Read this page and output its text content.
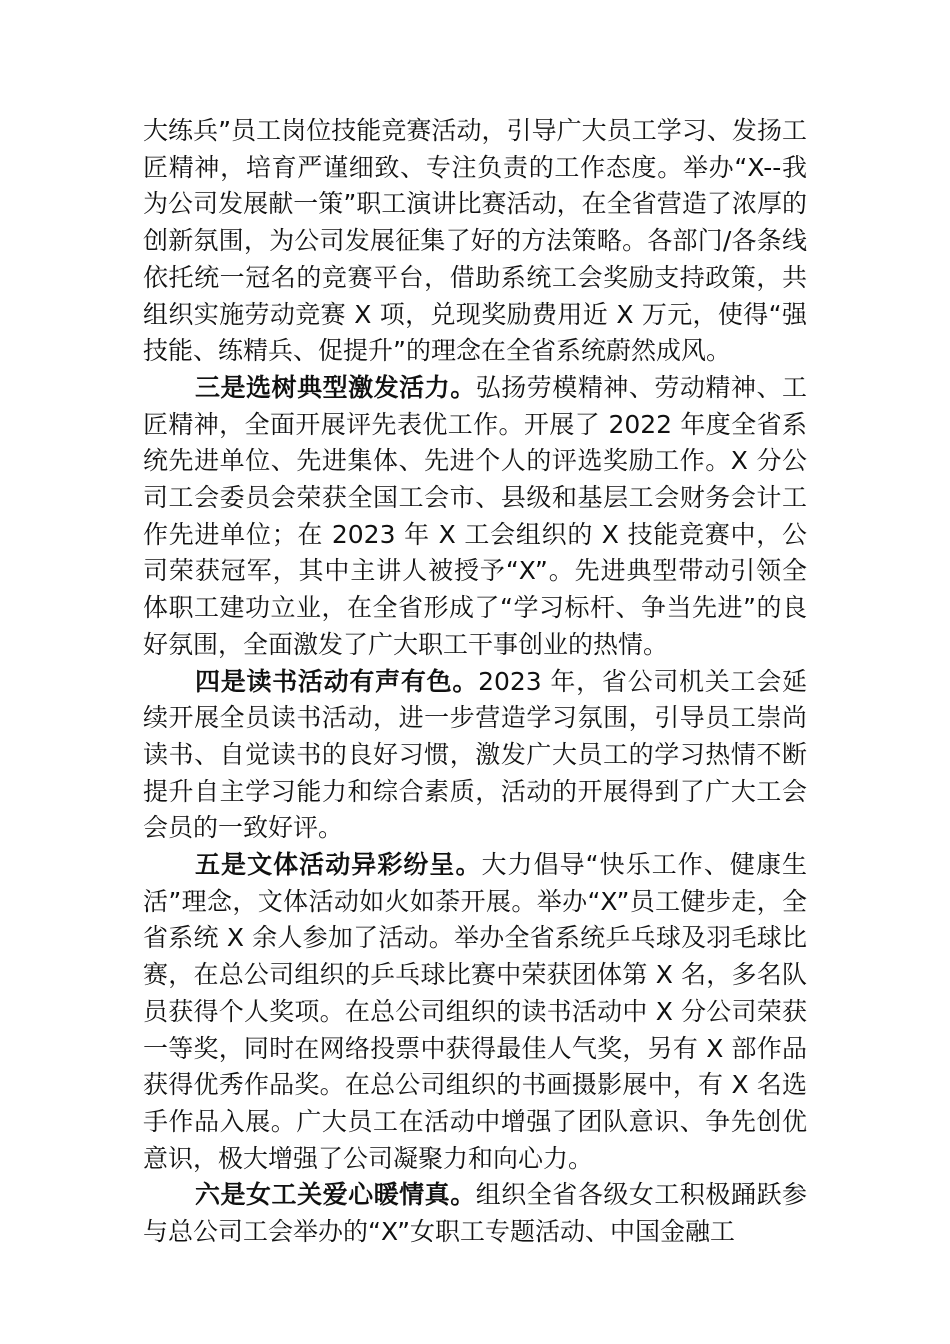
大练兵”员工岗位技能竞赛活动，引导广大员工学习、发扬工匠精神，培育严谨细致、专注负责的工作态度。举办“X--我为公司发展献一策”职工演讲比赛活动，在全省营造了浓厚的创新氛围，为公司发展征集了好的方法策略。各部门/各条线依托统一冠名的竞赛平台，借助系统工会奖励支持政策，共组织实施劳动竞赛 X 项，兑现奖励费用近 X 万元，使得“强技能、练精兵、促提升”的理念在全省系统蔚然成风。

三是选树典型激发活力。弘扬劳模精神、劳动精神、工匠精神，全面开展评先表优工作。开展了 2022 年度全省系统先进单位、先进集体、先进个人的评选奖励工作。X 分公司工会委员会荣获全国工会市、县级和基层工会财务会计工作先进单位；在 2023 年 X 工会组织的 X 技能竞赛中，公司荣获冠军，其中主讲人被授予“X”。先进典型带动引领全体职工建功立业，在全省形成了“学习标杆、争当先进”的良好氛围，全面激发了广大职工干事创业的热情。

四是读书活动有声有色。2023 年，省公司机关工会延续开展全员读书活动，进一步营造学习氛围，引导员工崇尚读书、自觉读书的良好习惯，激发广大员工的学习热情不断提升自主学习能力和综合素质，活动的开展得到了广大工会会员的一致好评。

五是文体活动异彩纷呈。大力倡导“快乐工作、健康生活”理念，文体活动如火如荼开展。举办“X”员工健步走，全省系统 X 余人参加了活动。举办全省系统乒乓球及羽毛球比赛，在总公司组织的乒乓球比赛中荣获团体第 X 名，多名队员获得个人奖项。在总公司组织的读书活动中 X 分公司荣获一等奖，同时在网络投票中获得最佳人气奖，另有 X 部作品获得优秀作品奖。在总公司组织的书画摄影展中，有 X 名选手作品入展。广大员工在活动中增强了团队意识、争先创优意识，极大增强了公司凝聚力和向心力。

六是女工关爱心暖情真。组织全省各级女工积极踊跃参与总公司工会举办的“X”女职工专题活动、中国金融工
